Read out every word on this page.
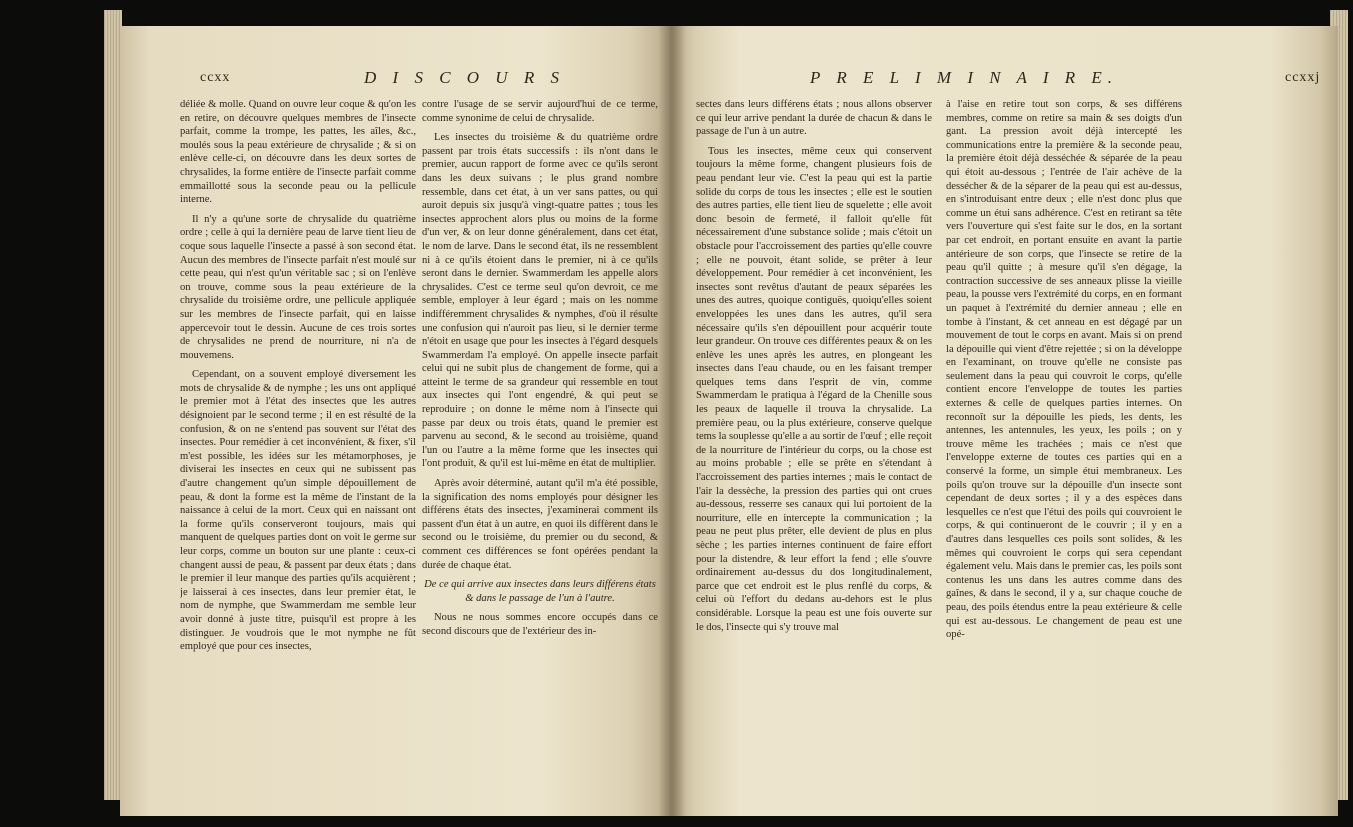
ccxx	D I S C O U R S

déliée & molle. Quand on ouvre leur coque & qu'on les en retire, on découvre quelques membres de l'insecte parfait, comme la trompe, les pattes, les aîles, &c., moulés sous la peau extérieure de chrysalide ; & si on enlève celle-ci, on découvre dans les deux sortes de chrysalides, la forme entière de l'insecte parfait comme emmaillotté sous la seconde peau ou la pellicule interne.

Il n'y a qu'une sorte de chrysalide du quatrième ordre ; celle à qui la dernière peau de larve tient lieu de coque sous laquelle l'insecte a passé à son second état. Aucun des membres de l'insecte parfait n'est moulé sur cette peau, qui n'est qu'un véritable sac ; si on l'enlève on trouve, comme sous la peau extérieure de la chrysalide du troisième ordre, une pellicule appliquée sur les membres de l'insecte parfait, qui en laisse appercevoir tout le dessin. Aucune de ces trois sortes de chrysalides ne prend de nourriture, ni n'a de mouvemens.

Cependant, on a souvent employé diversement les mots de chrysalide & de nymphe ; les uns ont appliqué le premier mot à l'état des insectes que les autres désignoient par le second terme ; il en est résulté de la confusion, & on ne s'entend pas souvent sur l'état des insectes. Pour remédier à cet inconvénient, & fixer, s'il m'est possible, les idées sur les métamorphoses, je diviserai les insectes en ceux qui ne subissent pas d'autre changement qu'un simple dépouillement de peau, & dont la forme est la même de l'instant de la naissance à celui de la mort. Ceux qui en naissant ont la forme qu'ils conserveront toujours, mais qui manquent de quelques parties dont on voit le germe sur leur corps, comme un bouton sur une plante : ceux-ci changent aussi de peau, & passent par deux états ; dans le premier il leur manque des parties qu'ils acquièrent ; je laisserai à ces insectes, dans leur premier état, le nom de nymphe, que Swammerdam me semble leur avoir donné à juste titre, puisqu'il est propre à les distinguer. Je voudrois que le mot nymphe ne fût employé que pour ces insectes,

contre l'usage de se servir aujourd'hui de ce terme, comme synonime de celui de chrysalide.

Les insectes du troisième & du quatrième ordre passent par trois états successifs : ils n'ont dans le premier, aucun rapport de forme avec ce qu'ils seront dans les deux suivans ; le plus grand nombre ressemble, dans cet état, à un ver sans pattes, ou qui auroit depuis six jusqu'à vingt-quatre pattes ; tous les insectes approchent alors plus ou moins de la forme d'un ver, & on leur donne généralement, dans cet état, le nom de larve. Dans le second état, ils ne ressemblent ni à ce qu'ils étoient dans le premier, ni à ce qu'ils seront dans le dernier. Swammerdam les appelle alors chrysalides. C'est ce terme seul qu'on devroit, ce me semble, employer à leur égard ; mais on les nomme indifféremment chrysalides & nymphes, d'où il résulte une confusion qui n'auroit pas lieu, si le dernier terme n'étoit en usage que pour les insectes à l'égard desquels Swammerdam l'a employé. On appelle insecte parfait celui qui ne subit plus de changement de forme, qui a atteint le terme de sa grandeur qui ressemble en tout aux insectes qui l'ont engendré, & qui peut se reproduire ; on donne le même nom à l'insecte qui passe par deux ou trois états, quand le premier est parvenu au second, & le second au troisième, quand l'un ou l'autre a la même forme que les insectes qui l'ont produit, & qu'il est lui-même en état de multiplier.

Après avoir déterminé, autant qu'il m'a été possible, la signification des noms employés pour désigner les différens états des insectes, j'examinerai comment ils passent d'un état à un autre, en quoi ils diffèrent dans le second ou le troisième, du premier ou du second, & comment ces différences se font opérées pendant la durée de chaque état.

De ce qui arrive aux insectes dans leurs différens états & dans le passage de l'un à l'autre.

Nous ne nous sommes encore occupés dans ce second discours que de l'extérieur des in-

P R E L I M I N A I R E.	ccxxj

sectes dans leurs différens états ; nous allons observer ce qui leur arrive pendant la durée de chacun & dans le passage de l'un à un autre.

Tous les insectes, même ceux qui conservent toujours la même forme, changent plusieurs fois de peau pendant leur vie. C'est la peau qui est la partie solide du corps de tous les insectes ; elle est le soutien des autres parties, elle tient lieu de squelette ; elle avoit donc besoin de fermeté, il falloit qu'elle fût nécessairement d'une substance solide ; mais c'étoit un obstacle pour l'accroissement des parties qu'elle couvre ; elle ne pouvoit, étant solide, se prêter à leur développement. Pour remédier à cet inconvénient, les insectes sont revêtus d'autant de peaux séparées les unes des autres, quoique contiguës, quoiqu'elles soient enveloppées les unes dans les autres, qu'il sera nécessaire qu'ils s'en dépouillent pour acquérir toute leur grandeur. On trouve ces différentes peaux & on les enlève les unes après les autres, en plongeant les insectes dans l'eau chaude, ou en les faisant tremper quelques tems dans l'esprit de vin, comme Swammerdam le pratiqua à l'égard de la Chenille sous les peaux de laquelle il trouva la chrysalide. La première peau, ou la plus extérieure, conserve quelque tems la souplesse qu'elle a au sortir de l'œuf ; elle reçoit de la nourriture de l'intérieur du corps, ou la chose est au moins probable ; elle se prête en s'étendant à l'accroissement des parties internes ; mais le contact de l'air la dessèche, la pression des parties qui ont crues au-dessous, resserre ses canaux qui lui portoient de la nourriture, elle en intercepte la communication ; la peau ne peut plus prêter, elle devient de plus en plus sèche ; les parties internes continuent de faire effort pour la distendre, & leur effort la fend ; elle s'ouvre ordinairement au-dessus du dos longitudinalement, parce que cet endroit est le plus renflé du corps, & celui où l'effort du dedans au-dehors est le plus considérable. Lorsque la peau est une fois ouverte sur le dos, l'insecte qui s'y trouve mal

à l'aise en retire tout son corps, & ses différens membres, comme on retire sa main & ses doigts d'un gant. La pression avoit déjà intercepté les communications entre la première & la seconde peau, la première étoit déjà desséchée & séparée de la peau qui étoit au-dessous ; l'entrée de l'air achève de la dessécher & de la séparer de la peau qui est au-dessus, en s'introduisant entre deux ; elle n'est donc plus que comme un étui sans adhérence. C'est en retirant sa tête vers l'ouverture qui s'est faite sur le dos, en la sortant par cet endroit, en portant ensuite en avant la partie antérieure de son corps, que l'insecte se retire de la peau qu'il quitte ; à mesure qu'il s'en dégage, la contraction successive de ses anneaux plisse la vieille peau, la pousse vers l'extrémité du corps, en en formant un paquet à l'extrémité du dernier anneau ; elle en tombe à l'instant, & cet anneau en est dégagé par un mouvement de tout le corps en avant. Mais si on prend la dépouille qui vient d'être rejettée ; si on la développe en l'examinant, on trouve qu'elle ne consiste pas seulement dans la peau qui couvroit le corps, qu'elle contient encore l'enveloppe de toutes les parties externes & celle de quelques parties internes. On reconnoît sur la dépouille les pieds, les dents, les antennes, les antennules, les yeux, les poils ; on y trouve même les trachées ; mais ce n'est que l'enveloppe externe de toutes ces parties qui en a conservé la forme, un simple étui membraneux. Les poils qu'on trouve sur la dépouille d'un insecte sont cependant de deux sortes ; il y a des espèces dans lesquelles ce n'est que l'étui des poils qui couvroient le corps, & qui continueront de le couvrir ; il y en a d'autres dans lesquelles ces poils sont solides, & les mêmes qui couvroient le corps qui sera cependant également velu. Mais dans le premier cas, les poils sont contenus les uns dans les autres comme dans des gaînes, & dans le second, il y a, sur chaque couche de peau, des poils étendus entre la peau extérieure & celle qui est au-dessous. Le changement de peau est une opé-
